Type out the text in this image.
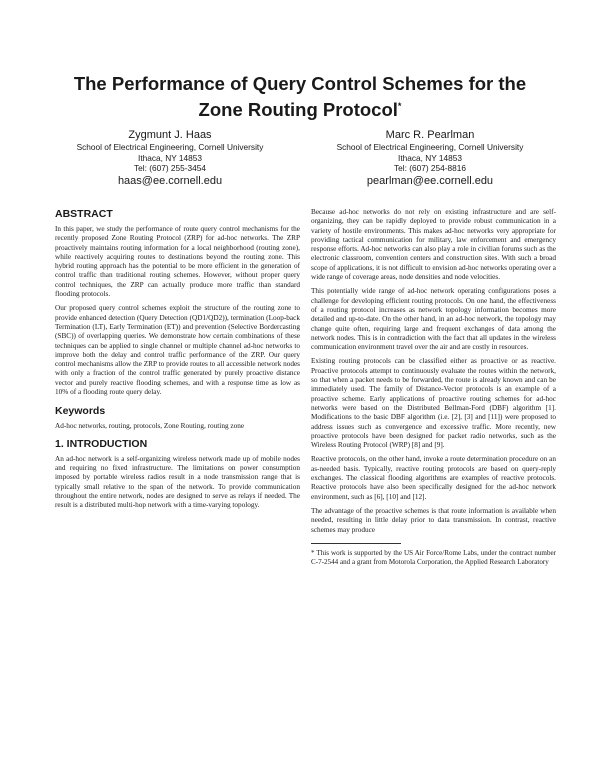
The Performance of Query Control Schemes for the
Zone Routing Protocol*
Zygmunt J. Haas
School of Electrical Engineering, Cornell University
Ithaca, NY 14853
Tel: (607) 255-3454
haas@ee.cornell.edu
Marc R. Pearlman
School of Electrical Engineering, Cornell University
Ithaca, NY 14853
Tel: (607) 254-8816
pearlman@ee.cornell.edu
ABSTRACT
In this paper, we study the performance of route query control mechanisms for the recently proposed Zone Routing Protocol (ZRP) for ad-hoc networks. The ZRP proactively maintains routing information for a local neighborhood (routing zone), while reactively acquiring routes to destinations beyond the routing zone. This hybrid routing approach has the potential to be more efficient in the generation of control traffic than traditional routing schemes. However, without proper query control techniques, the ZRP can actually produce more traffic than standard flooding protocols.
Our proposed query control schemes exploit the structure of the routing zone to provide enhanced detection (Query Detection (QD1/QD2)), termination (Loop-back Termination (LT), Early Termination (ET)) and prevention (Selective Bordercasting (SBC)) of overlapping queries. We demonstrate how certain combinations of these techniques can be applied to single channel or multiple channel ad-hoc networks to improve both the delay and control traffic performance of the ZRP. Our query control mechanisms allow the ZRP to provide routes to all accessible network nodes with only a fraction of the control traffic generated by purely proactive distance vector and purely reactive flooding schemes, and with a response time as low as 10% of a flooding route query delay.
Keywords
Ad-hoc networks, routing, protocols, Zone Routing, routing zone
1. INTRODUCTION
An ad-hoc network is a self-organizing wireless network made up of mobile nodes and requiring no fixed infrastructure. The limitations on power consumption imposed by portable wireless radios result in a node transmission range that is typically small relative to the span of the network. To provide communication throughout the entire network, nodes are designed to serve as relays if needed. The result is a distributed multi-hop network with a time-varying topology.
Because ad-hoc networks do not rely on existing infrastructure and are self-organizing, they can be rapidly deployed to provide robust communication in a variety of hostile environments. This makes ad-hoc networks very appropriate for providing tactical communication for military, law enforcement and emergency response efforts. Ad-hoc networks can also play a role in civilian forums such as the electronic classroom, convention centers and construction sites. With such a broad scope of applications, it is not difficult to envision ad-hoc networks operating over a wide range of coverage areas, node densities and node velocities.
This potentially wide range of ad-hoc network operating configurations poses a challenge for developing efficient routing protocols. On one hand, the effectiveness of a routing protocol increases as network topology information becomes more detailed and up-to-date. On the other hand, in an ad-hoc network, the topology may change quite often, requiring large and frequent exchanges of data among the network nodes. This is in contradiction with the fact that all updates in the wireless communication environment travel over the air and are costly in resources.
Existing routing protocols can be classified either as proactive or as reactive. Proactive protocols attempt to continuously evaluate the routes within the network, so that when a packet needs to be forwarded, the route is already known and can be immediately used. The family of Distance-Vector protocols is an example of a proactive scheme. Early applications of proactive routing schemes for ad-hoc networks were based on the Distributed Bellman-Ford (DBF) algorithm [1]. Modifications to the basic DBF algorithm (i.e. [2], [3] and [11]) were proposed to address issues such as convergence and excessive traffic. More recently, new proactive protocols have been designed for packet radio networks, such as the Wireless Routing Protocol (WRP) [8] and [9].
Reactive protocols, on the other hand, invoke a route determination procedure on an as-needed basis. Typically, reactive routing protocols are based on query-reply exchanges. The classical flooding algorithms are examples of reactive protocols. Reactive protocols have also been specifically designed for the ad-hoc network environment, such as [6], [10] and [12].
The advantage of the proactive schemes is that route information is available when needed, resulting in little delay prior to data transmission. In contrast, reactive schemes may produce
* This work is supported by the US Air Force/Rome Labs, under the contract number C-7-2544 and a grant from Motorola Corporation, the Applied Research Laboratory
